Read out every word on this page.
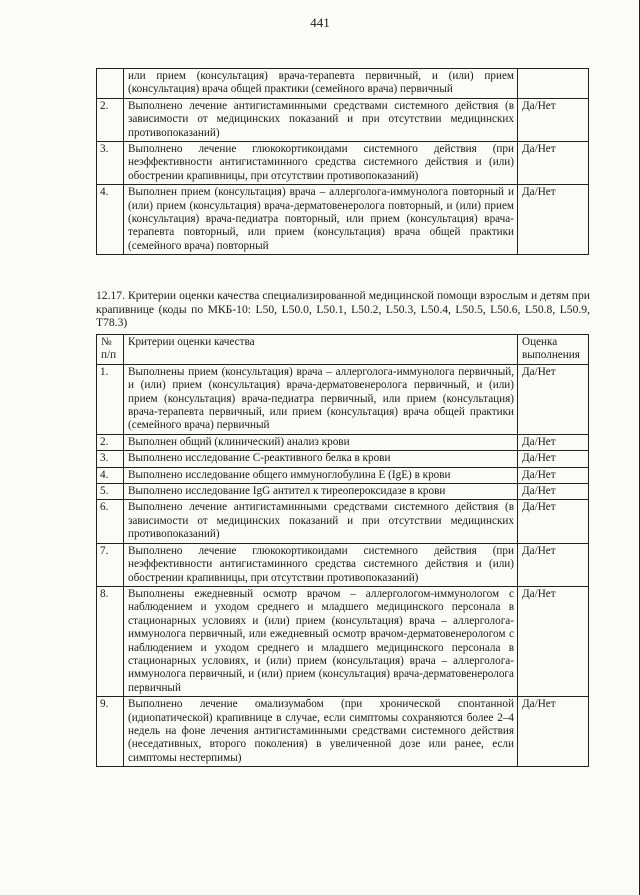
441
	или прием (консультация) врача-терапевта первичный, и (или) прием (консультация) врача общей практики (семейного врача) первичный	
2.	Выполнено лечение антигистаминными средствами системного действия (в зависимости от медицинских показаний и при отсутствии медицинских противопоказаний)	Да/Нет
3.	Выполнено лечение глюкокортикоидами системного действия (при неэффективности антигистаминного средства системного действия и (или) обострении крапивницы, при отсутствии противопоказаний)	Да/Нет
4.	Выполнен прием (консультация) врача – аллерголога-иммунолога повторный и (или) прием (консультация) врача-дерматовенеролога повторный, и (или) прием (консультация) врача-педиатра повторный, или прием (консультация) врача-терапевта повторный, или прием (консультация) врача общей практики (семейного врача) повторный	Да/Нет
12.17. Критерии оценки качества специализированной медицинской помощи взрослым и детям при крапивнице (коды по МКБ-10: L50, L50.0, L50.1, L50.2, L50.3, L50.4, L50.5, L50.6, L50.8, L50.9, T78.3)
№ п/п	Критерии оценки качества	Оценка выполнения
1.	Выполнены прием (консультация) врача – аллерголога-иммунолога первичный, и (или) прием (консультация) врача-дерматовенеролога первичный, и (или) прием (консультация) врача-педиатра первичный, или прием (консультация) врача-терапевта первичный, или прием (консультация) врача общей практики (семейного врача) первичный	Да/Нет
2.	Выполнен общий (клинический) анализ крови	Да/Нет
3.	Выполнено исследование С-реактивного белка в крови	Да/Нет
4.	Выполнено исследование общего иммуноглобулина E (IgE) в крови	Да/Нет
5.	Выполнено исследование IgG антител к тиреопероксидазе в крови	Да/Нет
6.	Выполнено лечение антигистаминными средствами системного действия (в зависимости от медицинских показаний и при отсутствии медицинских противопоказаний)	Да/Нет
7.	Выполнено лечение глюкокортикоидами системного действия (при неэффективности антигистаминного средства системного действия и (или) обострении крапивницы, при отсутствии противопоказаний)	Да/Нет
8.	Выполнены ежедневный осмотр врачом – аллергологом-иммунологом с наблюдением и уходом среднего и младшего медицинского персонала в стационарных условиях и (или) прием (консультация) врача – аллерголога-иммунолога первичный, или ежедневный осмотр врачом-дерматовенерологом с наблюдением и уходом среднего и младшего медицинского персонала в стационарных условиях, и (или) прием (консультация) врача – аллерголога-иммунолога первичный, и (или) прием (консультация) врача-дерматовенеролога первичный	Да/Нет
9.	Выполнено лечение омализумабом (при хронической спонтанной (идиопатической) крапивнице в случае, если симптомы сохраняются более 2–4 недель на фоне лечения антигистаминными средствами системного действия (неседативных, второго поколения) в увеличенной дозе или ранее, если симптомы нестерпимы)	Да/Нет
